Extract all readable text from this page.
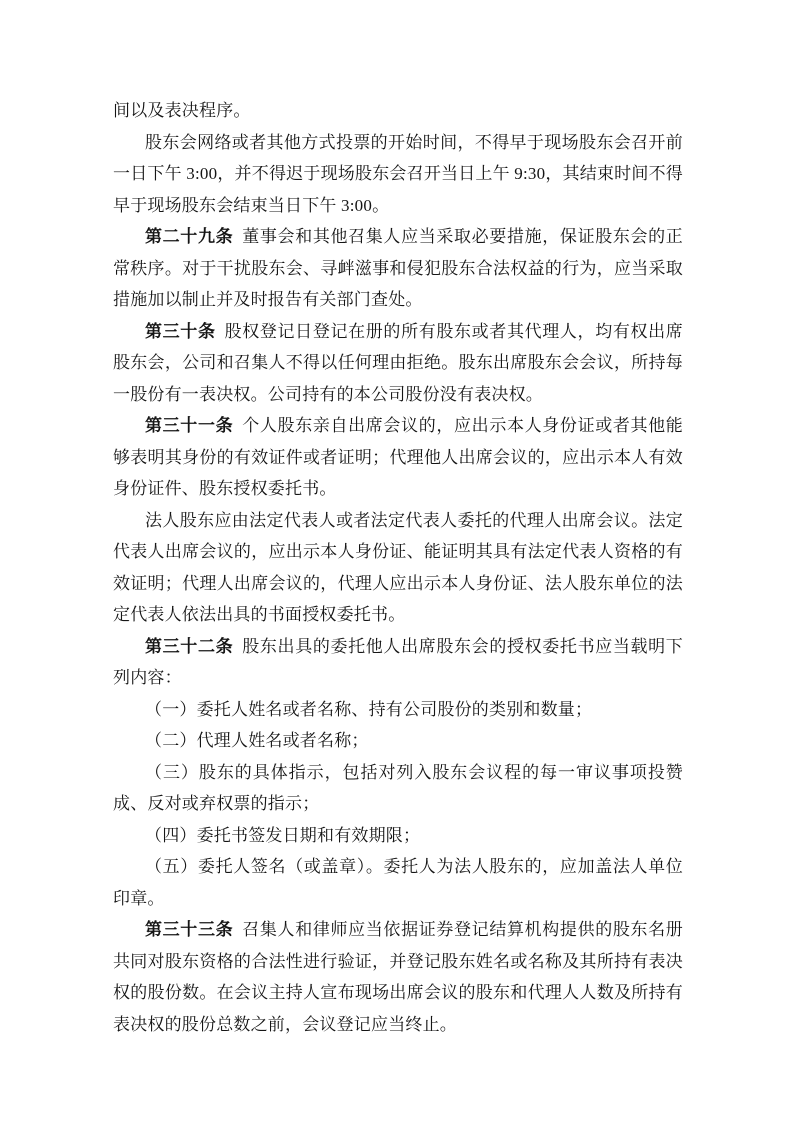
间以及表决程序。

股东会网络或者其他方式投票的开始时间，不得早于现场股东会召开前一日下午 3:00，并不得迟于现场股东会召开当日上午 9:30，其结束时间不得早于现场股东会结束当日下午 3:00。

第二十九条 董事会和其他召集人应当采取必要措施，保证股东会的正常秩序。对于干扰股东会、寻衅滋事和侵犯股东合法权益的行为，应当采取措施加以制止并及时报告有关部门查处。

第三十条 股权登记日登记在册的所有股东或者其代理人，均有权出席股东会，公司和召集人不得以任何理由拒绝。股东出席股东会会议，所持每一股份有一表决权。公司持有的本公司股份没有表决权。

第三十一条 个人股东亲自出席会议的，应出示本人身份证或者其他能够表明其身份的有效证件或者证明；代理他人出席会议的，应出示本人有效身份证件、股东授权委托书。

法人股东应由法定代表人或者法定代表人委托的代理人出席会议。法定代表人出席会议的，应出示本人身份证、能证明其具有法定代表人资格的有效证明；代理人出席会议的，代理人应出示本人身份证、法人股东单位的法定代表人依法出具的书面授权委托书。

第三十二条 股东出具的委托他人出席股东会的授权委托书应当载明下列内容：

（一）委托人姓名或者名称、持有公司股份的类别和数量；

（二）代理人姓名或者名称；

（三）股东的具体指示，包括对列入股东会议程的每一审议事项投赞成、反对或弃权票的指示；

（四）委托书签发日期和有效期限；

（五）委托人签名（或盖章）。委托人为法人股东的，应加盖法人单位印章。

第三十三条 召集人和律师应当依据证券登记结算机构提供的股东名册共同对股东资格的合法性进行验证，并登记股东姓名或名称及其所持有表决权的股份数。在会议主持人宣布现场出席会议的股东和代理人人数及所持有表决权的股份总数之前，会议登记应当终止。
